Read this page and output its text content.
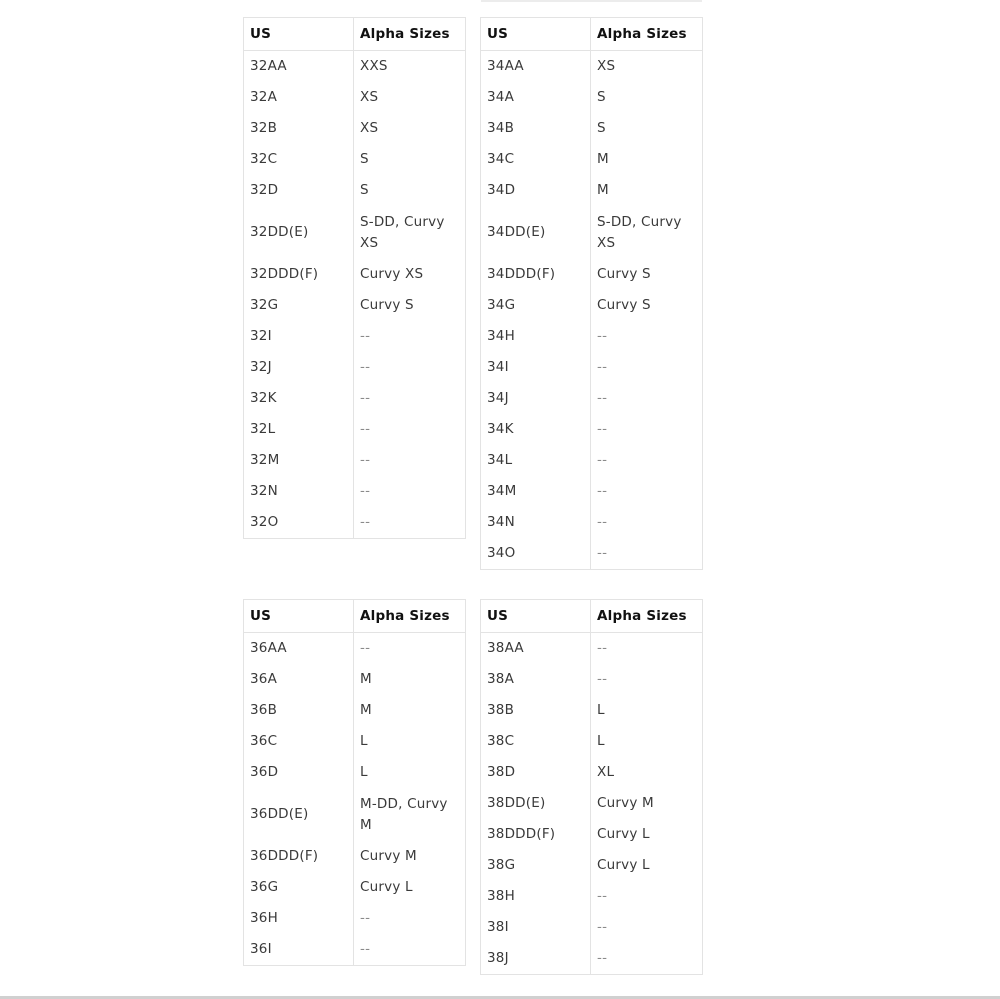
US	Alpha Sizes
32AA	XXS
32A	XS
32B	XS
32C	S
32D	S
32DD(E)	S-DD, Curvy XS
32DDD(F)	Curvy XS
32G	Curvy S
32I	--
32J	--
32K	--
32L	--
32M	--
32N	--
32O	--
US	Alpha Sizes
34AA	XS
34A	S
34B	S
34C	M
34D	M
34DD(E)	S-DD, Curvy XS
34DDD(F)	Curvy S
34G	Curvy S
34H	--
34I	--
34J	--
34K	--
34L	--
34M	--
34N	--
34O	--
US	Alpha Sizes
36AA	--
36A	M
36B	M
36C	L
36D	L
36DD(E)	M-DD, Curvy M
36DDD(F)	Curvy M
36G	Curvy L
36H	--
36I	--
US	Alpha Sizes
38AA	--
38A	--
38B	L
38C	L
38D	XL
38DD(E)	Curvy M
38DDD(F)	Curvy L
38G	Curvy L
38H	--
38I	--
38J	--
